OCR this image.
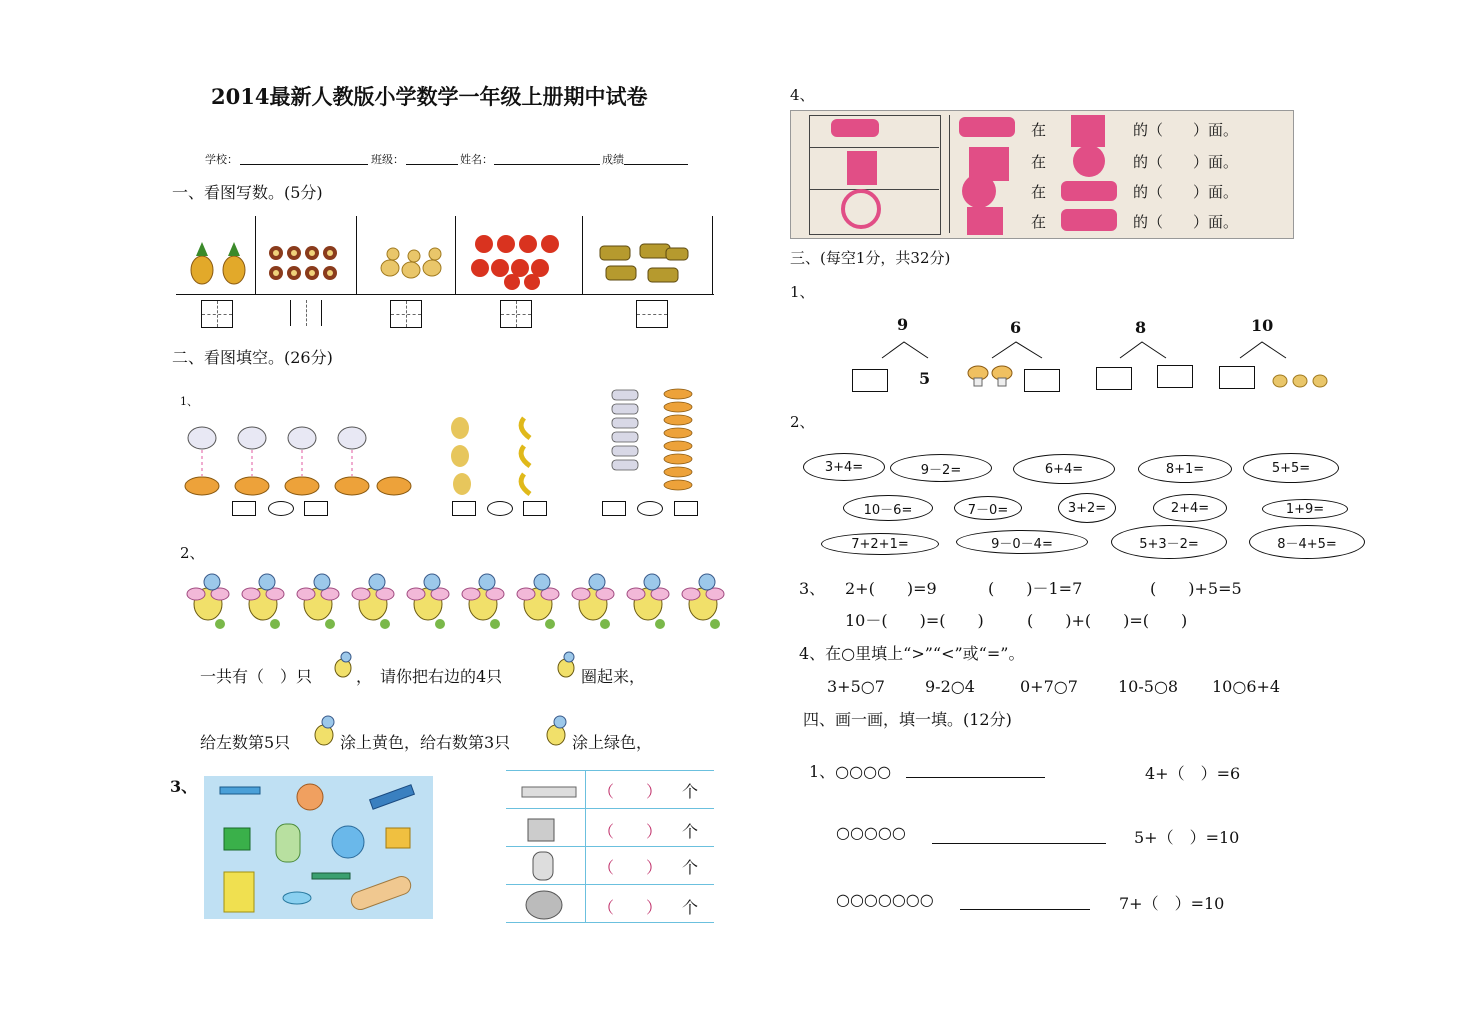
2014最新人教版小学数学一年级上册期中试卷
学校：	班级：	姓名：	成绩
一、看图写数。(5分)
二、看图填空。(26分)
1、
2、
一共有（　）只	，　请你把右边的4只	圈起来，
给左数第5只	涂上黄色，给右数第3只	涂上绿色，
3、	（　　） 个
（　　） 个
（　　） 个
（　　） 个
4、
在	的（　　）面。
在	的（　　）面。
在	的（　　）面。
在	的（　　）面。
三、(每空1分，共32分)
1、
9	6	8	10
5
2、
3+4=	9－2=	6+4=	8+1=	5+5=
10－6=	7－0=	3+2=	2+4=	1+9=
7+2+1=	9－0－4=	5+3－2=	8－4+5=
3、 2+(　　)=9	(　　)－1=7	(　　)+5=5
10－(　　)=(　　)	(　　)+(　　)=(　　)
4、在○里填上“>”“<”或“=”。
3+5○7	9-2○4	0+7○7	10-5○8 10○6+4
四、画一画，填一填。(12分)
1、○○○○	4+（　）=6
○○○○○	5+（　）=10
○○○○○○○	7+（　）=10
